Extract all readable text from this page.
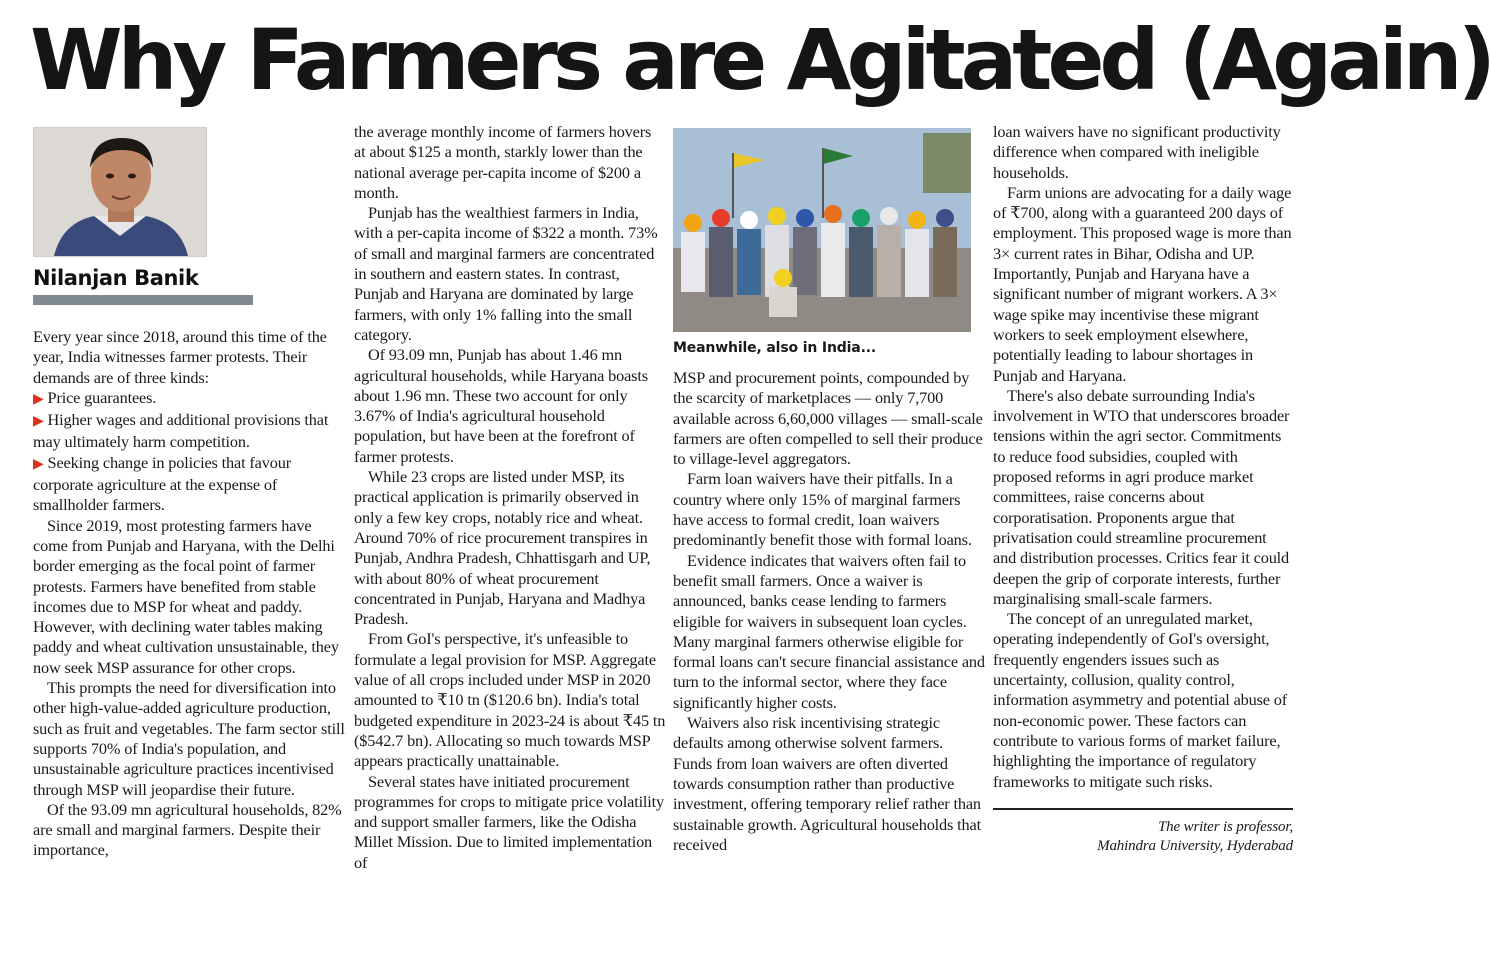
Why Farmers are Agitated (Again)
Nilanjan Banik

Every year since 2018, around this time of the year, India witnesses farmer protests. Their demands are of three kinds:

▶ Price guarantees.

▶ Higher wages and additional provisions that may ultimately harm competition.

▶ Seeking change in policies that favour corporate agriculture at the expense of smallholder farmers.

Since 2019, most protesting farmers have come from Punjab and Haryana, with the Delhi border emerging as the focal point of farmer protests. Farmers have benefited from stable incomes due to MSP for wheat and paddy. However, with declining water tables making paddy and wheat cultivation unsustainable, they now seek MSP assurance for other crops.

This prompts the need for diversification into other high-value-added agriculture production, such as fruit and vegetables. The farm sector still supports 70% of India's population, and unsustainable agriculture practices incentivised through MSP will jeopardise their future.

Of the 93.09 mn agricultural households, 82% are small and marginal farmers. Despite their importance,

the average monthly income of farmers hovers at about $125 a month, starkly lower than the national average per-capita income of $200 a month.

Punjab has the wealthiest farmers in India, with a per-capita income of $322 a month. 73% of small and marginal farmers are concentrated in southern and eastern states. In contrast, Punjab and Haryana are dominated by large farmers, with only 1% falling into the small category.

Of 93.09 mn, Punjab has about 1.46 mn agricultural households, while Haryana boasts about 1.96 mn. These two account for only 3.67% of India's agricultural household population, but have been at the forefront of farmer protests.

While 23 crops are listed under MSP, its practical application is primarily observed in only a few key crops, notably rice and wheat. Around 70% of rice procurement transpires in Punjab, Andhra Pradesh, Chhattisgarh and UP, with about 80% of wheat procurement concentrated in Punjab, Haryana and Madhya Pradesh.

From GoI's perspective, it's unfeasible to formulate a legal provision for MSP. Aggregate value of all crops included under MSP in 2020 amounted to ₹10 tn ($120.6 bn). India's total budgeted expenditure in 2023-24 is about ₹45 tn ($542.7 bn). Allocating so much towards MSP appears practically unattainable.

Several states have initiated procurement programmes for crops to mitigate price volatility and support smaller farmers, like the Odisha Millet Mission. Due to limited implementation of

Meanwhile, also in India...

MSP and procurement points, compounded by the scarcity of marketplaces — only 7,700 available across 6,60,000 villages — small-scale farmers are often compelled to sell their produce to village-level aggregators.

Farm loan waivers have their pitfalls. In a country where only 15% of marginal farmers have access to formal credit, loan waivers predominantly benefit those with formal loans.

Evidence indicates that waivers often fail to benefit small farmers. Once a waiver is announced, banks cease lending to farmers eligible for waivers in subsequent loan cycles. Many marginal farmers otherwise eligible for formal loans can't secure financial assistance and turn to the informal sector, where they face significantly higher costs.

Waivers also risk incentivising strategic defaults among otherwise solvent farmers. Funds from loan waivers are often diverted towards consumption rather than productive investment, offering temporary relief rather than sustainable growth. Agricultural households that received

loan waivers have no significant productivity difference when compared with ineligible households.

Farm unions are advocating for a daily wage of ₹700, along with a guaranteed 200 days of employment. This proposed wage is more than 3× current rates in Bihar, Odisha and UP. Importantly, Punjab and Haryana have a significant number of migrant workers. A 3× wage spike may incentivise these migrant workers to seek employment elsewhere, potentially leading to labour shortages in Punjab and Haryana.

There's also debate surrounding India's involvement in WTO that underscores broader tensions within the agri sector. Commitments to reduce food subsidies, coupled with proposed reforms in agri produce market committees, raise concerns about corporatisation. Proponents argue that privatisation could streamline procurement and distribution processes. Critics fear it could deepen the grip of corporate interests, further marginalising small-scale farmers.

The concept of an unregulated market, operating independently of GoI's oversight, frequently engenders issues such as uncertainty, collusion, quality control, information asymmetry and potential abuse of non-economic power. These factors can contribute to various forms of market failure, highlighting the importance of regulatory frameworks to mitigate such risks.

The writer is professor,

Mahindra University, Hyderabad
